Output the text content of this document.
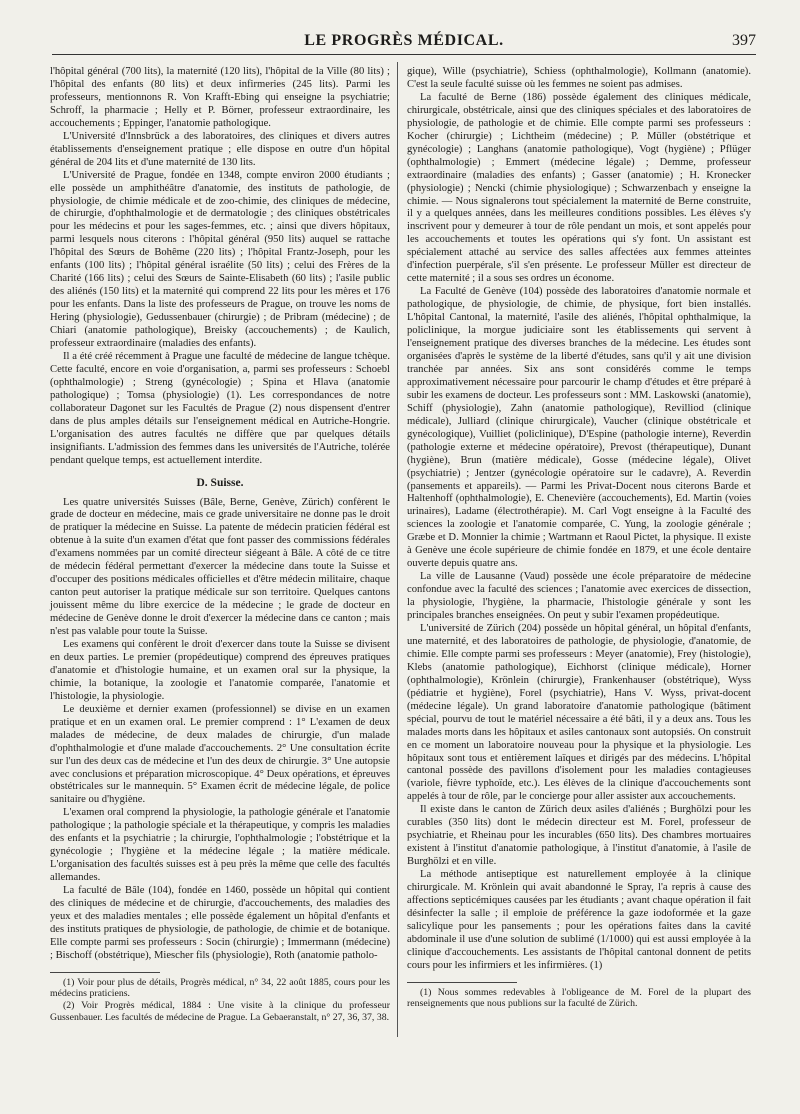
LE PROGRÈS MÉDICAL.	397

l'hôpital général (700 lits), la maternité (120 lits), l'hôpital de la Ville (80 lits) ; l'hôpital des enfants (80 lits) et deux infirmeries (245 lits). Parmi les professeurs, mentionnons R. Von Krafft-Ebing qui enseigne la psychiatrie; Schroff, la pharmacie ; Helly et P. Börner, professeur extraordinaire, les accouchements ; Eppinger, l'anatomie pathologique.

L'Université d'Innsbrück a des laboratoires, des cliniques et divers autres établissements d'enseignement pratique ; elle dispose en outre d'un hôpital général de 204 lits et d'une maternité de 130 lits.

L'Université de Prague, fondée en 1348, compte environ 2000 étudiants ; elle possède un amphithéâtre d'anatomie, des instituts de pathologie, de physiologie, de chimie médicale et de zoo-chimie, des cliniques de médecine, de chirurgie, d'ophthalmologie et de dermatologie ; des cliniques obstétricales pour les médecins et pour les sages-femmes, etc. ; ainsi que divers hôpitaux, parmi lesquels nous citerons : l'hôpital général (950 lits) auquel se rattache l'hôpital des Sœurs de Bohême (220 lits) ; l'hôpital Frantz-Joseph, pour les enfants (100 lits) ; l'hôpital général israélite (50 lits) ; celui des Frères de la Charité (166 lits) ; celui des Sœurs de Sainte-Elisabeth (60 lits) ; l'asile public des aliénés (150 lits) et la maternité qui comprend 22 lits pour les mères et 176 pour les enfants. Dans la liste des professeurs de Prague, on trouve les noms de Hering (physiologie), Gedussenbauer (chirurgie) ; de Pribram (médecine) ; de Chiari (anatomie pathologique), Breisky (accouchements) ; de Kaulich, professeur extraordinaire (maladies des enfants).

Il a été créé récemment à Prague une faculté de médecine de langue tchèque. Cette faculté, encore en voie d'organisation, a, parmi ses professeurs : Schoebl (ophthalmologie) ; Streng (gynécologie) ; Spina et Hlava (anatomie pathologique) ; Tomsa (physiologie) (1). Les correspondances de notre collaborateur Dagonet sur les Facultés de Prague (2) nous dispensent d'entrer dans de plus amples détails sur l'enseignement médical en Autriche-Hongrie. L'organisation des autres facultés ne diffère que par quelques détails insignifiants. L'admission des femmes dans les universités de l'Autriche, tolérée pendant quelque temps, est actuellement interdite.

D. Suisse.

Les quatre universités Suisses (Bâle, Berne, Genève, Zürich) confèrent le grade de docteur en médecine, mais ce grade universitaire ne donne pas le droit de pratiquer la médecine en Suisse. La patente de médecin praticien fédéral est obtenue à la suite d'un examen d'état que font passer des commissions fédérales d'examens nommées par un comité directeur siégeant à Bâle. A côté de ce titre de médecin fédéral permettant d'exercer la médecine dans toute la Suisse et d'occuper des positions médicales officielles et d'être médecin militaire, chaque canton peut autoriser la pratique médicale sur son territoire. Quelques cantons jouissent même du libre exercice de la médecine ; le grade de docteur en médecine de Genève donne le droit d'exercer la médecine dans ce canton ; mais n'est pas valable pour toute la Suisse.

Les examens qui confèrent le droit d'exercer dans toute la Suisse se divisent en deux parties. Le premier (propédeutique) comprend des épreuves pratiques d'anatomie et d'histologie humaine, et un examen oral sur la physique, la chimie, la botanique, la zoologie et l'anatomie comparée, l'anatomie et l'histologie, la physiologie.

Le deuxième et dernier examen (professionnel) se divise en un examen pratique et en un examen oral. Le premier comprend : 1° L'examen de deux malades de médecine, de deux malades de chirurgie, d'un malade d'ophthalmologie et d'une malade d'accouchements. 2° Une consultation écrite sur l'un des deux cas de médecine et l'un des deux de chirurgie. 3° Une autopsie avec conclusions et préparation microscopique. 4° Deux opérations, et épreuves obstétricales sur le mannequin. 5° Examen écrit de médecine légale, de police sanitaire ou d'hygiène.

L'examen oral comprend la physiologie, la pathologie générale et l'anatomie pathologique ; la pathologie spéciale et la thérapeutique, y compris les maladies des enfants et la psychiatrie ; la chirurgie, l'ophthalmologie ; l'obstétrique et la gynécologie ; l'hygiène et la médecine légale ; la matière médicale. L'organisation des facultés suisses est à peu près la même que celle des facultés allemandes.

La faculté de Bâle (104), fondée en 1460, possède un hôpital qui contient des cliniques de médecine et de chirurgie, d'accouchements, des maladies des yeux et des maladies mentales ; elle possède également un hôpital d'enfants et des instituts pratiques de physiologie, de pathologie, de chimie et de botanique. Elle compte parmi ses professeurs : Socin (chirurgie) ; Immermann (médecine) ; Bischoff (obstétrique), Miescher fils (physiologie), Roth (anatomie patholo-

(1) Voir pour plus de détails, Progrès médical, n° 34, 22 août 1885, cours pour les médecins praticiens.

(2) Voir Progrès médical, 1884 : Une visite à la clinique du professeur Gussenbauer. Les facultés de médecine de Prague. La Gebaeranstalt, n° 27, 36, 37, 38.

gique), Wille (psychiatrie), Schiess (ophthalmologie), Kollmann (anatomie). C'est la seule faculté suisse où les femmes ne soient pas admises.

La faculté de Berne (186) possède également des cliniques médicale, chirurgicale, obstétricale, ainsi que des cliniques spéciales et des laboratoires de physiologie, de pathologie et de chimie. Elle compte parmi ses professeurs : Kocher (chirurgie) ; Lichtheim (médecine) ; P. Müller (obstétrique et gynécologie) ; Langhans (anatomie pathologique), Vogt (hygiène) ; Pflüger (ophthalmologie) ; Emmert (médecine légale) ; Demme, professeur extraordinaire (maladies des enfants) ; Gasser (anatomie) ; H. Kronecker (physiologie) ; Nencki (chimie physiologique) ; Schwarzenbach y enseigne la chimie. — Nous signalerons tout spécialement la maternité de Berne construite, il y a quelques années, dans les meilleures conditions possibles. Les élèves s'y inscrivent pour y demeurer à tour de rôle pendant un mois, et sont appelés pour les accouchements et toutes les opérations qui s'y font. Un assistant est spécialement attaché au service des salles affectées aux femmes atteintes d'infection puerpérale, s'il s'en présente. Le professeur Müller est directeur de cette maternité ; il a sous ses ordres un économe.

La Faculté de Genève (104) possède des laboratoires d'anatomie normale et pathologique, de physiologie, de chimie, de physique, fort bien installés. L'hôpital Cantonal, la maternité, l'asile des aliénés, l'hôpital ophthalmique, la policlinique, la morgue judiciaire sont les établissements qui servent à l'enseignement pratique des diverses branches de la médecine. Les études sont organisées d'après le système de la liberté d'études, sans qu'il y ait une division tranchée par années. Six ans sont considérés comme le temps approximativement nécessaire pour parcourir le champ d'études et être préparé à subir les examens de docteur. Les professeurs sont : MM. Laskowski (anatomie), Schiff (physiologie), Zahn (anatomie pathologique), Revilliod (clinique médicale), Julliard (clinique chirurgicale), Vaucher (clinique obstétricale et gynécologique), Vuilliet (policlinique), D'Espine (pathologie interne), Reverdin (pathologie externe et médecine opératoire), Prevost (thérapeutique), Dunant (hygiène), Brun (matière médicale), Gosse (médecine légale), Olivet (psychiatrie) ; Jentzer (gynécologie opératoire sur le cadavre), A. Reverdin (pansements et appareils). — Parmi les Privat-Docent nous citerons Barde et Haltenhoff (ophthalmologie), E. Chenevière (accouchements), Ed. Martin (voies urinaires), Ladame (électrothérapie). M. Carl Vogt enseigne à la Faculté des sciences la zoologie et l'anatomie comparée, C. Yung, la zoologie générale ; Græbe et D. Monnier la chimie ; Wartmann et Raoul Pictet, la physique. Il existe à Genève une école supérieure de chimie fondée en 1879, et une école dentaire ouverte depuis quatre ans.

La ville de Lausanne (Vaud) possède une école préparatoire de médecine confondue avec la faculté des sciences ; l'anatomie avec exercices de dissection, la physiologie, l'hygiène, la pharmacie, l'histologie générale y sont les principales branches enseignées. On peut y subir l'examen propédeutique.

L'université de Zürich (204) possède un hôpital général, un hôpital d'enfants, une maternité, et des laboratoires de pathologie, de physiologie, d'anatomie, de chimie. Elle compte parmi ses professeurs : Meyer (anatomie), Frey (histologie), Klebs (anatomie pathologique), Eichhorst (clinique médicale), Horner (ophthalmologie), Krönlein (chirurgie), Frankenhauser (obstétrique), Wyss (pédiatrie et hygiène), Forel (psychiatrie), Hans V. Wyss, privat-docent (médecine légale). Un grand laboratoire d'anatomie pathologique (bâtiment spécial, pourvu de tout le matériel nécessaire a été bâti, il y a deux ans. Tous les malades morts dans les hôpitaux et asiles cantonaux sont autopsiés. On construit en ce moment un laboratoire nouveau pour la physique et la physiologie. Les hôpitaux sont tous et entièrement laïques et dirigés par des médecins. L'hôpital cantonal possède des pavillons d'isolement pour les maladies contagieuses (variole, fièvre typhoïde, etc.). Les élèves de la clinique d'accouchements sont appelés à tour de rôle, par le concierge pour aller assister aux accouchements.

Il existe dans le canton de Zürich deux asiles d'aliénés ; Burghölzi pour les curables (350 lits) dont le médecin directeur est M. Forel, professeur de psychiatrie, et Rheinau pour les incurables (650 lits). Des chambres mortuaires existent à l'institut d'anatomie pathologique, à l'institut d'anatomie, à l'asile de Burghölzi et en ville.

La méthode antiseptique est naturellement employée à la clinique chirurgicale. M. Krönlein qui avait abandonné le Spray, l'a repris à cause des affections septicémiques causées par les étudiants ; avant chaque opération il fait désinfecter la salle ; il emploie de préférence la gaze iodoformée et la gaze salicylique pour les pansements ; pour les opérations faites dans la cavité abdominale il use d'une solution de sublimé (1/1000) qui est aussi employée à la clinique d'accouchements. Les assistants de l'hôpital cantonal donnent de petits cours pour les infirmiers et les infirmières. (1)

(1) Nous sommes redevables à l'obligeance de M. Forel de la plupart des renseignements que nous publions sur la faculté de Zürich.
